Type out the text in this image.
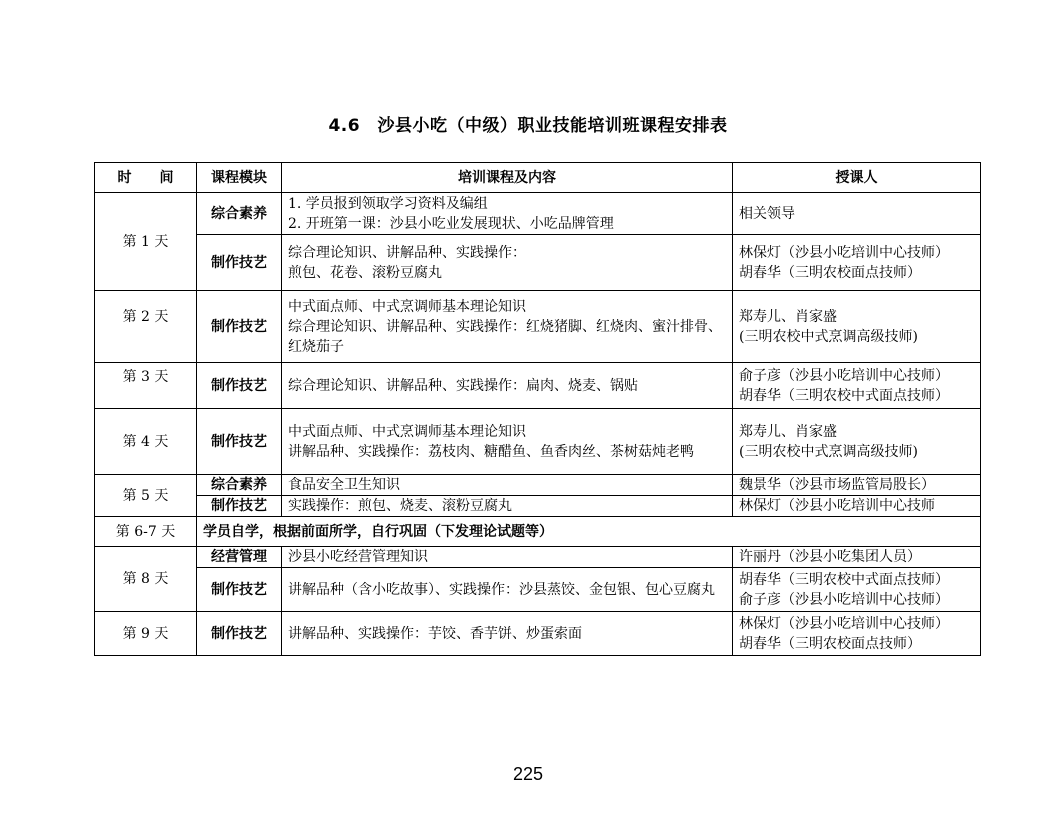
4.6　沙县小吃（中级）职业技能培训班课程安排表
时　　间	课程模块	培训课程及内容	授课人
第 1 天	综合素养	1. 学员报到领取学习资料及编组
2. 开班第一课：沙县小吃业发展现状、小吃品牌管理	相关领导

	制作技艺	综合理论知识、讲解品种、实践操作：
煎包、花卷、滚粉豆腐丸	林保灯（沙县小吃培训中心技师）
胡春华（三明农校面点技师）

第 2 天	制作技艺	中式面点师、中式烹调师基本理论知识
综合理论知识、讲解品种、实践操作：红烧猪脚、红烧肉、蜜汁排骨、红烧茄子	郑寿儿、肖家盛
(三明农校中式烹调高级技师)

第 3 天	制作技艺	综合理论知识、讲解品种、实践操作：扁肉、烧麦、锅贴	俞子彦（沙县小吃培训中心技师）
胡春华（三明农校中式面点技师）

第 4 天	制作技艺	中式面点师、中式烹调师基本理论知识
讲解品种、实践操作：荔枝肉、糖醋鱼、鱼香肉丝、茶树菇炖老鸭	郑寿儿、肖家盛
(三明农校中式烹调高级技师)

第 5 天	综合素养	食品安全卫生知识	魏景华（沙县市场监管局股长）

	制作技艺	实践操作：煎包、烧麦、滚粉豆腐丸	林保灯（沙县小吃培训中心技师

第 6-7 天	学员自学，根据前面所学，自行巩固（下发理论试题等）		
第 8 天	经营管理	沙县小吃经营管理知识	许丽丹（沙县小吃集团人员）

	制作技艺	讲解品种（含小吃故事）、实践操作：沙县蒸饺、金包银、包心豆腐丸	胡春华（三明农校中式面点技师）
俞子彦（沙县小吃培训中心技师）

第 9 天	制作技艺	讲解品种、实践操作：芋饺、香芋饼、炒蛋索面	林保灯（沙县小吃培训中心技师）
胡春华（三明农校面点技师）
225
